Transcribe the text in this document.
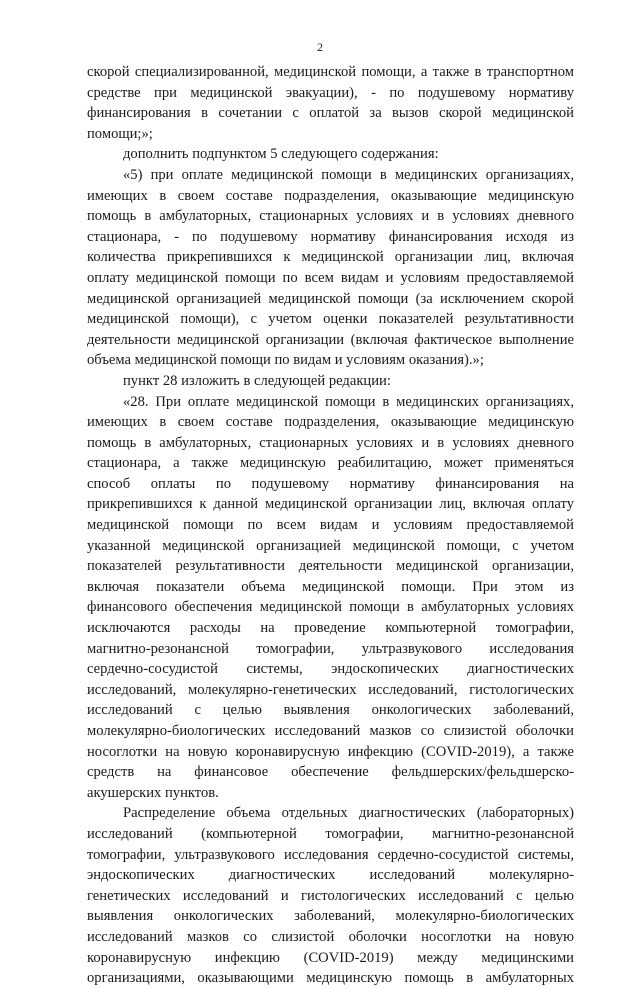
2
скорой специализированной, медицинской помощи, а также в транспортном
средстве при медицинской эвакуации), - по подушевому нормативу
финансирования в сочетании с оплатой за вызов скорой медицинской
помощи;»;
дополнить подпунктом 5 следующего содержания:
«5) при оплате медицинской помощи в медицинских организациях,
имеющих в своем составе подразделения, оказывающие медицинскую
помощь в амбулаторных, стационарных условиях и в условиях дневного
стационара, - по подушевому нормативу финансирования исходя из
количества прикрепившихся к медицинской организации лиц, включая
оплату медицинской помощи по всем видам и условиям предоставляемой
медицинской организацией медицинской помощи (за исключением скорой
медицинской помощи), с учетом оценки показателей результативности
деятельности медицинской организации (включая фактическое выполнение
объема медицинской помощи по видам и условиям оказания).»;
пункт 28 изложить в следующей редакции:
«28. При оплате медицинской помощи в медицинских организациях,
имеющих в своем составе подразделения, оказывающие медицинскую
помощь в амбулаторных, стационарных условиях и в условиях дневного
стационара, а также медицинскую реабилитацию, может применяться
способ оплаты по подушевому нормативу финансирования на
прикрепившихся к данной медицинской организации лиц, включая оплату
медицинской помощи по всем видам и условиям предоставляемой
указанной медицинской организацией медицинской помощи, с учетом
показателей результативности деятельности медицинской организации,
включая показатели объема медицинской помощи. При этом из
финансового обеспечения медицинской помощи в амбулаторных условиях
исключаются расходы на проведение компьютерной томографии,
магнитно-резонансной томографии, ультразвукового исследования
сердечно-сосудистой системы, эндоскопических диагностических
исследований, молекулярно-генетических исследований, гистологических
исследований с целью выявления онкологических заболеваний,
молекулярно-биологических исследований мазков со слизистой оболочки
носоглотки на новую коронавирусную инфекцию (COVID-2019), а также
средств на финансовое обеспечение фельдшерских/фельдшерско-
акушерских пунктов.
Распределение объема отдельных диагностических (лабораторных)
исследований (компьютерной томографии, магнитно-резонансной
томографии, ультразвукового исследования сердечно-сосудистой системы,
эндоскопических диагностических исследований молекулярно-
генетических исследований и гистологических исследований с целью
выявления онкологических заболеваний, молекулярно-биологических
исследований мазков со слизистой оболочки носоглотки на новую
коронавирусную инфекцию (COVID-2019) между медицинскими
организациями, оказывающими медицинскую помощь в амбулаторных
